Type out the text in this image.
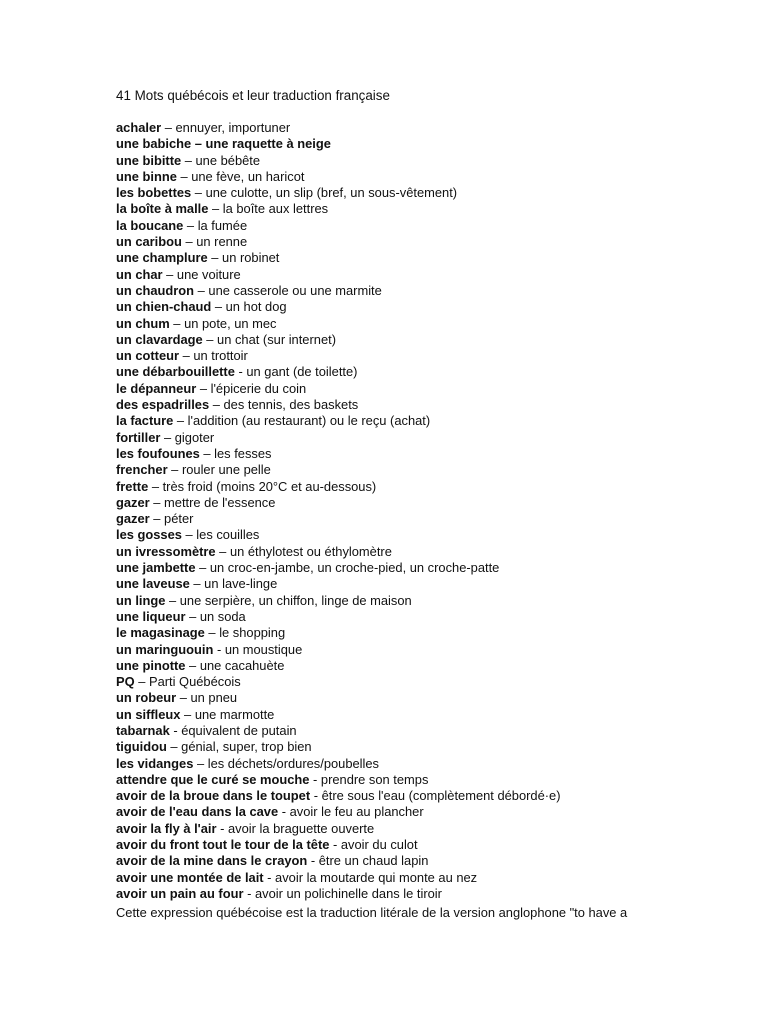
41 Mots québécois et leur traduction française
achaler – ennuyer, importuner
une babiche – une raquette à neige
une bibitte – une bébête
une binne – une fève, un haricot
les bobettes – une culotte, un slip (bref, un sous-vêtement)
la boîte à malle – la boîte aux lettres
la boucane – la fumée
un caribou – un renne
une champlure – un robinet
un char – une voiture
un chaudron – une casserole ou une marmite
un chien-chaud – un hot dog
un chum – un pote, un mec
un clavardage – un chat (sur internet)
un cotteur – un trottoir
une débarbouillette - un gant (de toilette)
le dépanneur – l'épicerie du coin
des espadrilles – des tennis, des baskets
la facture – l'addition (au restaurant) ou le reçu (achat)
fortiller – gigoter
les foufounes – les fesses
frencher – rouler une pelle
frette – très froid (moins 20°C et au-dessous)
gazer – mettre de l'essence
gazer – péter
les gosses – les couilles
un ivressomètre – un éthylotest ou éthylomètre
une jambette – un croc-en-jambe, un croche-pied, un croche-patte
une laveuse – un lave-linge
un linge – une serpière, un chiffon, linge de maison
une liqueur – un soda
le magasinage – le shopping
un maringuouin - un moustique
une pinotte – une cacahuète
PQ – Parti Québécois
un robeur – un pneu
un siffleux – une marmotte
tabarnak - équivalent de putain
tiguidou – génial, super, trop bien
les vidanges – les déchets/ordures/poubelles
attendre que le curé se mouche - prendre son temps
avoir de la broue dans le toupet - être sous l'eau (complètement débordé·e)
avoir de l'eau dans la cave - avoir le feu au plancher
avoir la fly à l'air - avoir la braguette ouverte
avoir du front tout le tour de la tête - avoir du culot
avoir de la mine dans le crayon - être un chaud lapin
avoir une montée de lait - avoir la moutarde qui monte au nez
avoir un pain au four - avoir un polichinelle dans le tiroir
Cette expression québécoise est la traduction litérale de la version anglophone "to have a
